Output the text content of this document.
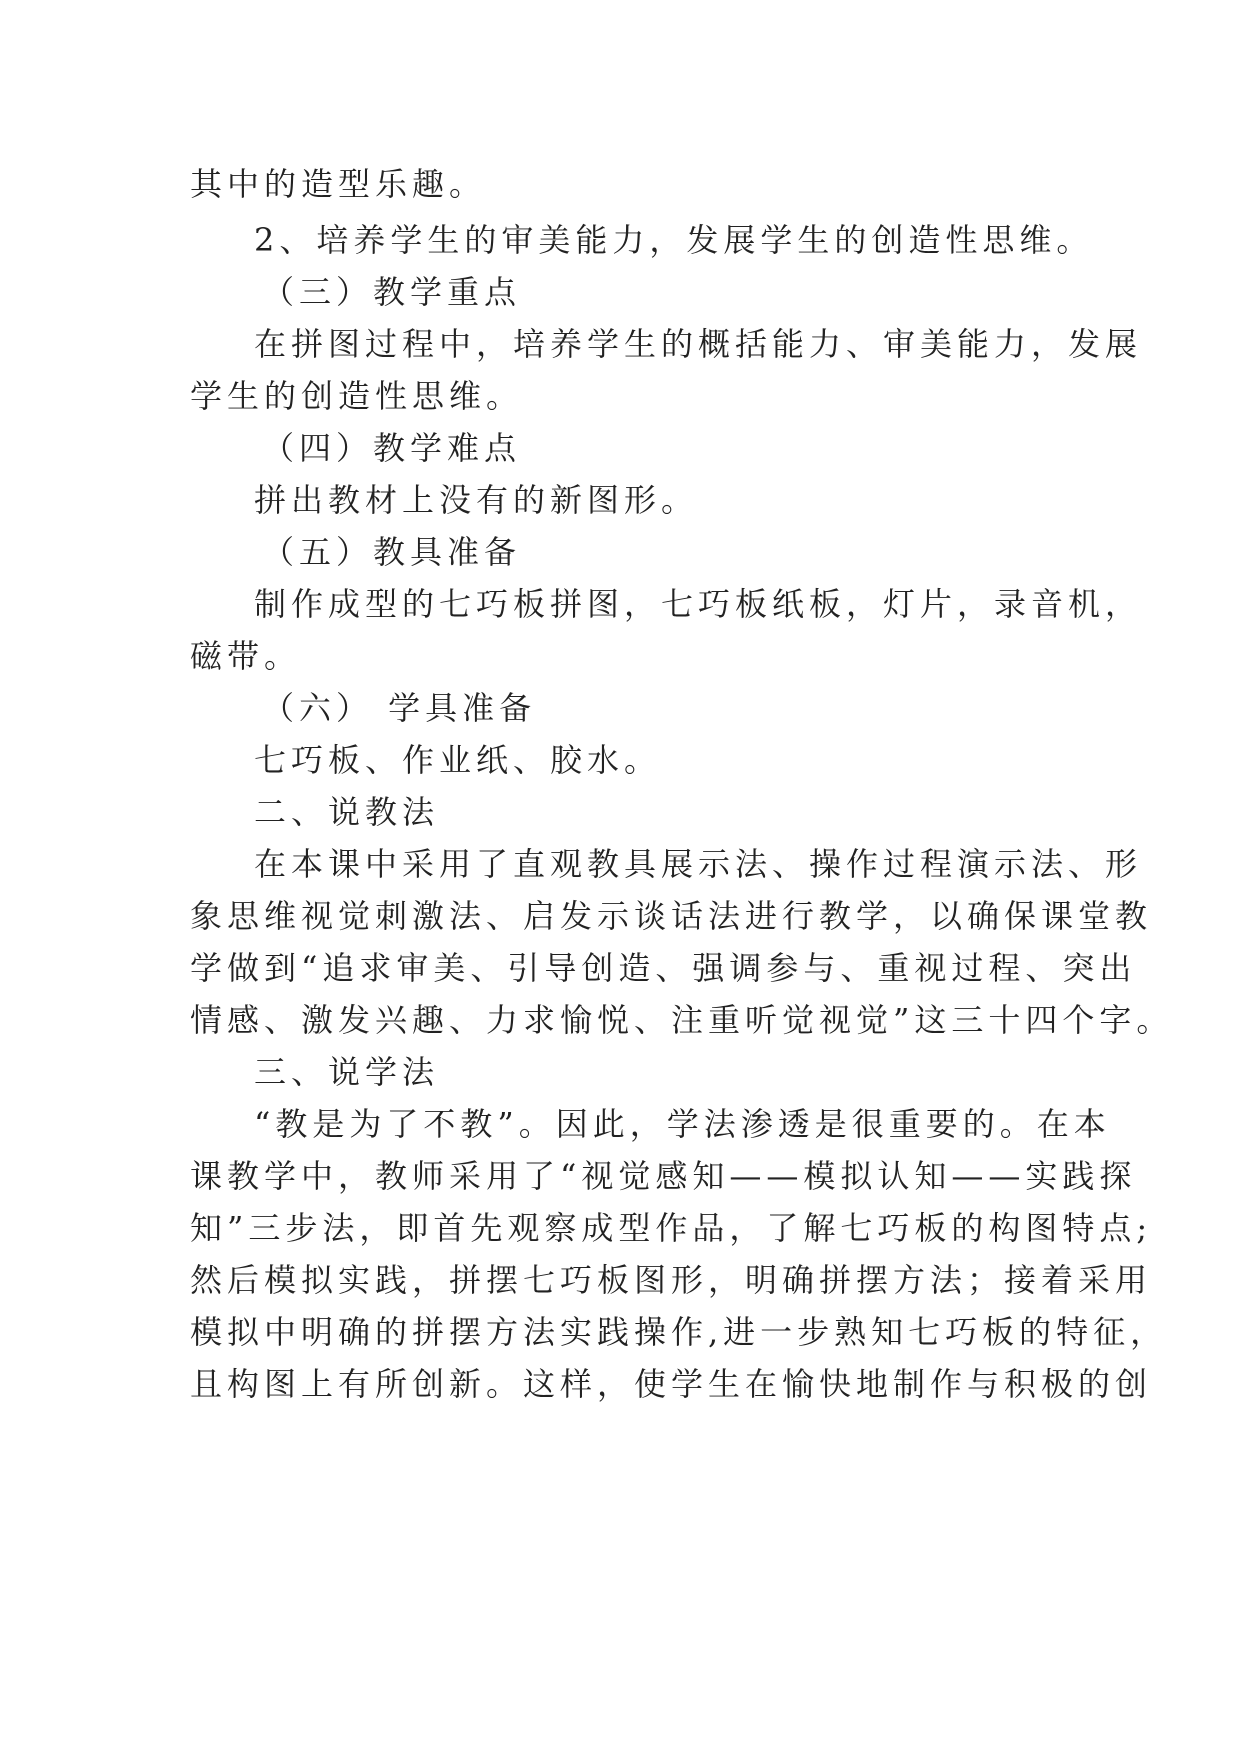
其中的造型乐趣。
2、培养学生的审美能力，发展学生的创造性思维。
（三）教学重点
在拼图过程中，培养学生的概括能力、审美能力，发展
学生的创造性思维。
（四）教学难点
拼出教材上没有的新图形。
（五）教具准备
制作成型的七巧板拼图，七巧板纸板，灯片，录音机，
磁带。
（六） 学具准备
七巧板、作业纸、胶水。
二、说教法
在本课中采用了直观教具展示法、操作过程演示法、形
象思维视觉刺激法、启发示谈话法进行教学，以确保课堂教
学做到“追求审美、引导创造、强调参与、重视过程、突出
情感、激发兴趣、力求愉悦、注重听觉视觉”这三十四个字。
三、说学法
“教是为了不教”。因此，学法渗透是很重要的。在本
课教学中，教师采用了“视觉感知——模拟认知——实践探
知”三步法，即首先观察成型作品，了解七巧板的构图特点;
然后模拟实践，拼摆七巧板图形，明确拼摆方法；接着采用
模拟中明确的拼摆方法实践操作,进一步熟知七巧板的特征，
且构图上有所创新。这样，使学生在愉快地制作与积极的创
